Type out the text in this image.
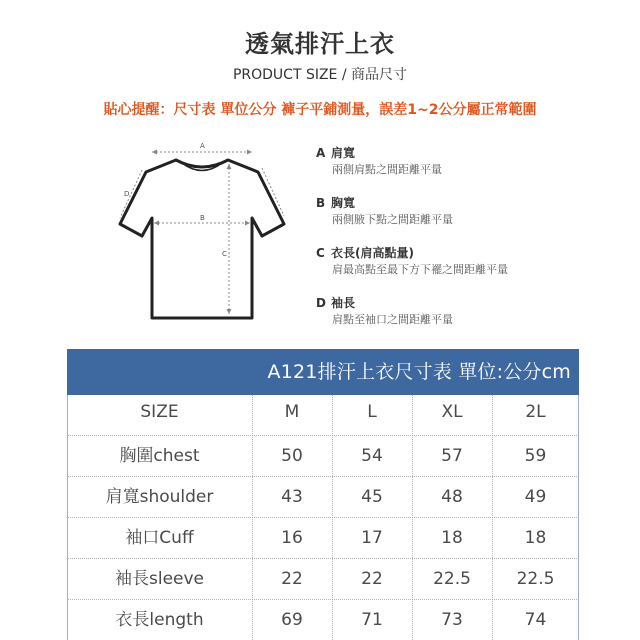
透氣排汗上衣
PRODUCT SIZE / 商品尺寸
貼心提醒：尺寸表 單位公分 褲子平鋪測量，誤差1~2公分屬正常範圍
A
B
C
D
A 肩寬
兩側肩點之間距離平量
B 胸寬
兩側腋下點之間距離平量
C 衣長(肩高點量)
肩最高點至最下方下襬之間距離平量
D 袖長
肩點至袖口之間距離平量
A121排汗上衣尺寸表 單位:公分cm
SIZE	M	L	XL	2L
胸圍chest	50	54	57	59
肩寬shoulder	43	45	48	49
袖口Cuff	16	17	18	18
袖長sleeve	22	22	22.5	22.5
衣長length	69	71	73	74
